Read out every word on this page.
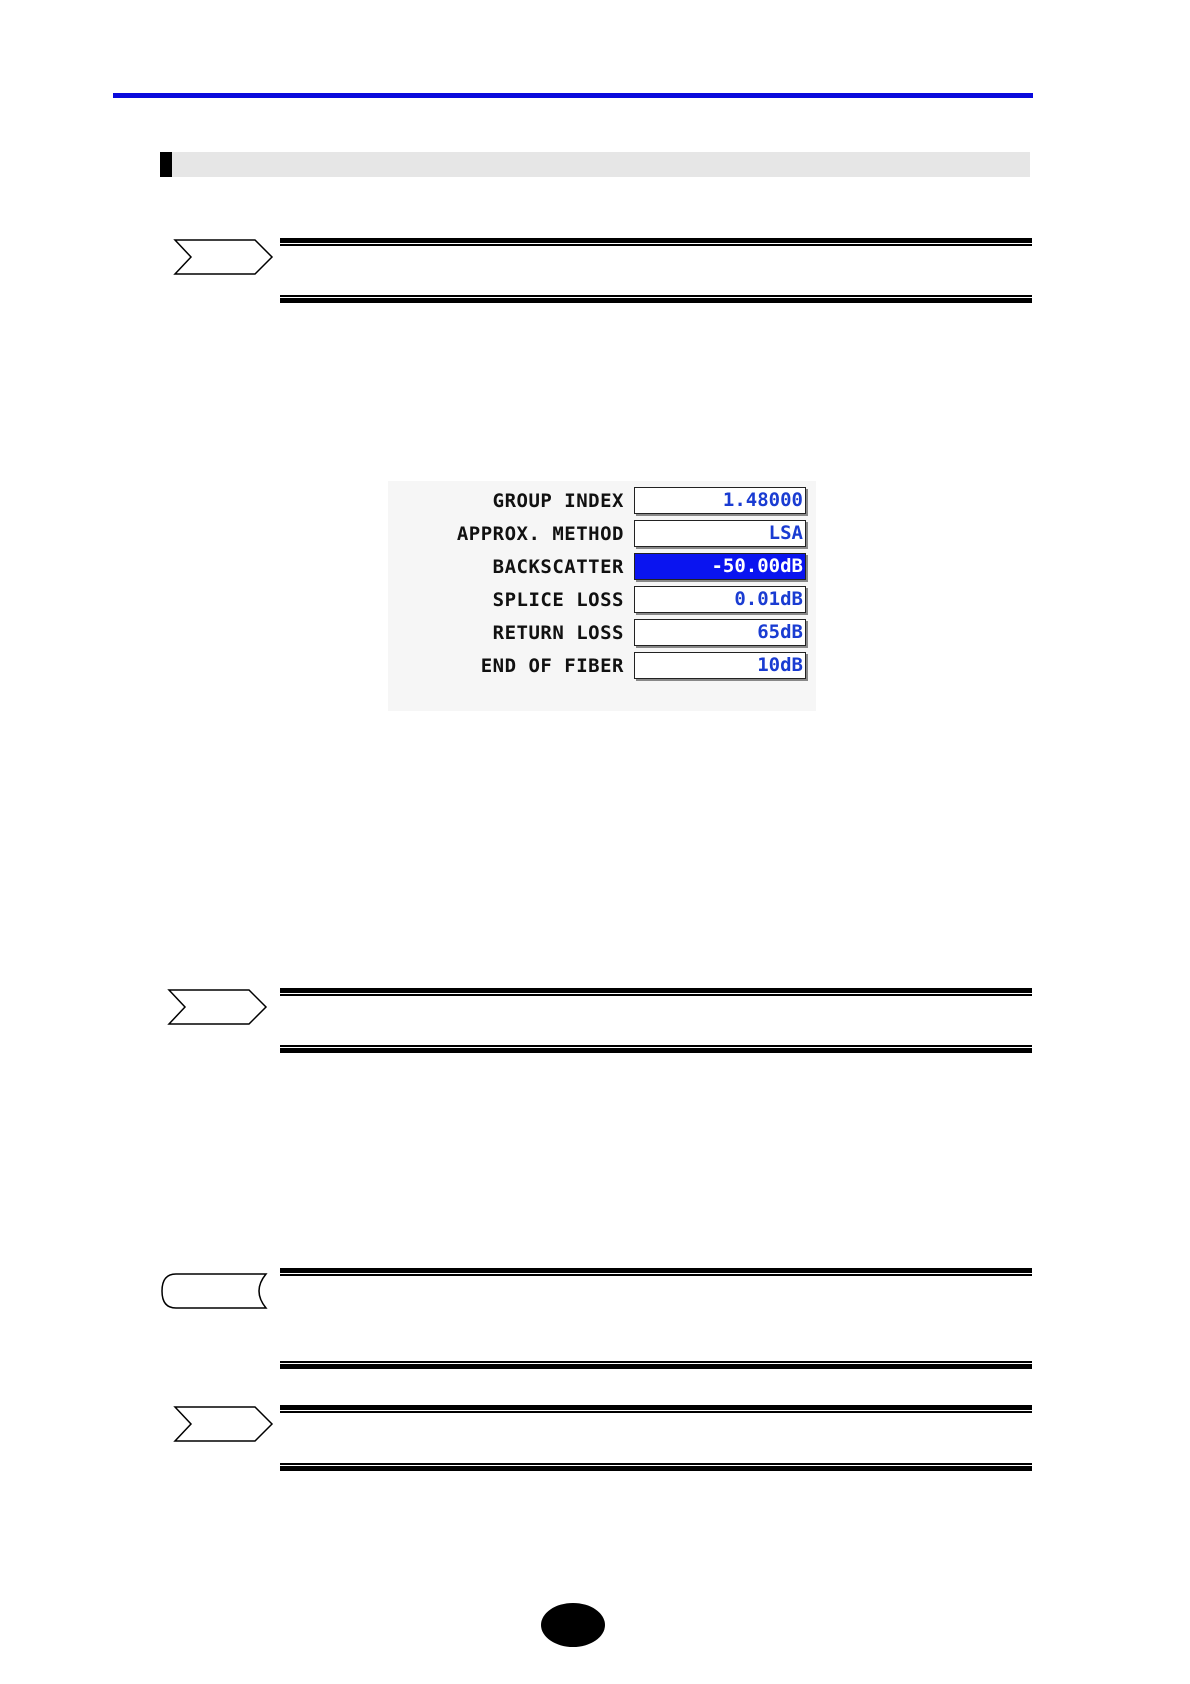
GROUP INDEX	1.48000
APPROX. METHOD	LSA
BACKSCATTER	-50.00dB
SPLICE LOSS	0.01dB
RETURN LOSS	65dB
END OF FIBER	10dB
